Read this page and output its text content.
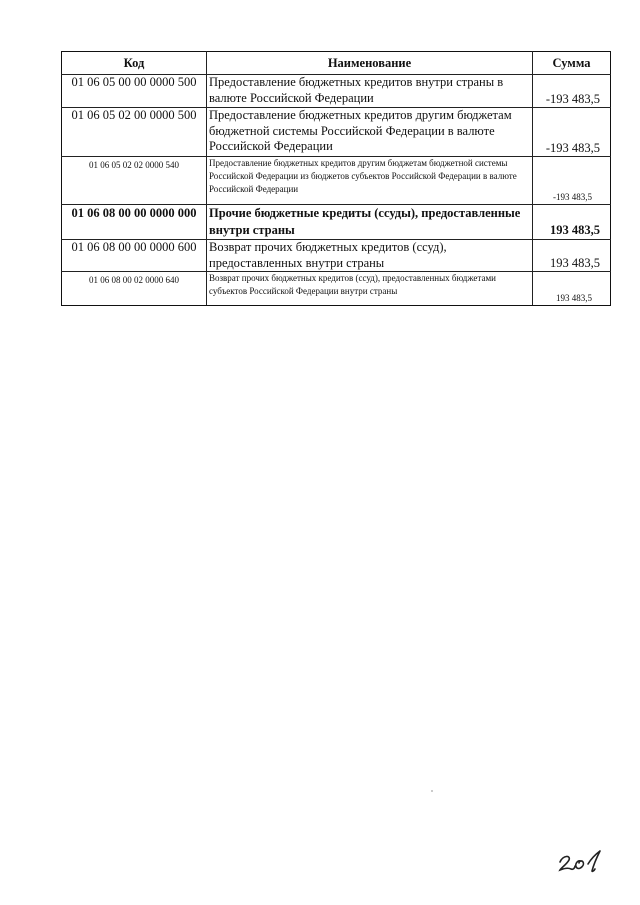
Код	Наименование	Сумма
01 06 05 00 00 0000 500	Предоставление бюджетных кредитов внутри страны в валюте Российской Федерации	-193 483,5
01 06 05 02 00 0000 500	Предоставление бюджетных кредитов другим бюджетам бюджетной системы Российской Федерации в валюте Российской Федерации	-193 483,5
01 06 05 02 02 0000 540	Предоставление бюджетных кредитов другим бюджетам бюджетной системы Российской Федерации из бюджетов субъектов Российской Федерации в валюте Российской Федерации	-193 483,5
01 06 08 00 00 0000 000	Прочие бюджетные кредиты (ссуды), предоставленные внутри страны	193 483,5
01 06 08 00 00 0000 600	Возврат прочих бюджетных кредитов (ссуд), предоставленных внутри страны	193 483,5
01 06 08 00 02 0000 640	Возврат прочих бюджетных кредитов (ссуд), предоставленных бюджетами субъектов Российской Федерации внутри страны	193 483,5
